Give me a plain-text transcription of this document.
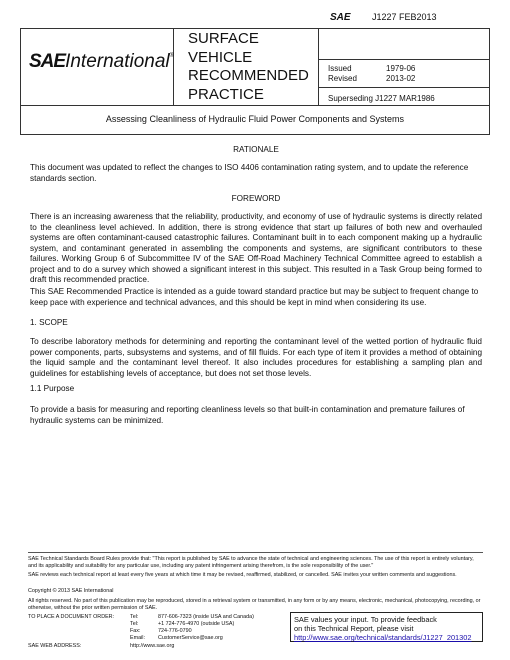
SAEInternational®
SURFACE
VEHICLE
RECOMMENDED
PRACTICE
SAE J1227 FEB2013
Issued	1979-06
Revised	2013-02
Superseding J1227 MAR1986
Assessing Cleanliness of Hydraulic Fluid Power Components and Systems
RATIONALE
This document was updated to reflect the changes to ISO 4406 contamination rating system, and to update the reference standards section.
FOREWORD
There is an increasing awareness that the reliability, productivity, and economy of use of hydraulic systems is directly related to the cleanliness level achieved. In addition, there is strong evidence that start up failures of both new and overhauled systems are often contaminant-caused catastrophic failures. Contaminant built in to each component making up a hydraulic system, and contaminant generated in assembling the components and systems, are significant contributors to these failures. Working Group 6 of Subcommittee IV of the SAE Off-Road Machinery Technical Committee agreed to establish a project and to do a survey which showed a significant interest in this subject. This resulted in a Task Group being formed to draft this recommended practice.
This SAE Recommended Practice is intended as a guide toward standard practice but may be subject to frequent change to keep pace with experience and technical advances, and this should be kept in mind when considering its use.
1. SCOPE
To describe laboratory methods for determining and reporting the contaminant level of the wetted portion of hydraulic fluid power components, parts, subsystems and systems, and of fill fluids. For each type of item it provides a method of obtaining the liquid sample and the contaminant level thereof. It also includes procedures for establishing a sampling plan and guidelines for establishing levels of acceptance, but does not set those levels.
1.1 Purpose
To provide a basis for measuring and reporting cleanliness levels so that built-in contamination and premature failures of hydraulic systems can be minimized.
SAE Technical Standards Board Rules provide that: "This report is published by SAE to advance the state of technical and engineering sciences. The use of this report is entirely voluntary, and its applicability and suitability for any particular use, including any patent infringement arising therefrom, is the sole responsibility of the user."
SAE reviews each technical report at least every five years at which time it may be revised, reaffirmed, stabilized, or cancelled. SAE invites your written comments and suggestions.
Copyright © 2013 SAE International
All rights reserved. No part of this publication may be reproduced, stored in a retrieval system or transmitted, in any form or by any means, electronic, mechanical, photocopying, recording, or otherwise, without the prior written permission of SAE.
TO PLACE A DOCUMENT ORDER:	Tel:	877-606-7323 (inside USA and Canada)
Tel:	+1 724-776-4970 (outside USA)
Fax:	724-776-0790
Email: CustomerService@sae.org
SAE WEB ADDRESS:	http://www.sae.org
SAE values your input. To provide feedback
on this Technical Report, please visit
http://www.sae.org/technical/standards/J1227_201302
